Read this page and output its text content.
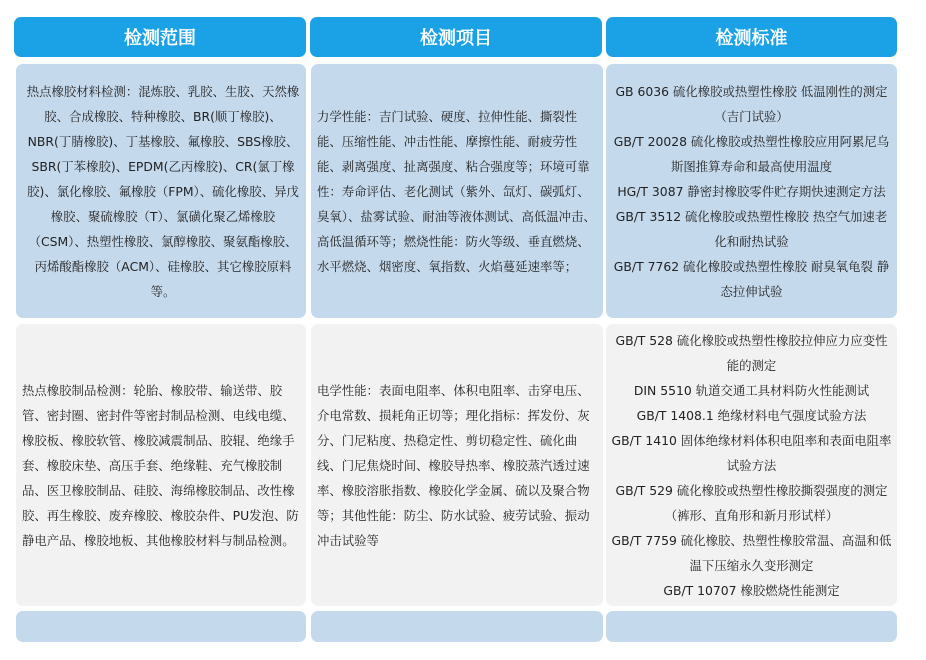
检测范围	检测项目	检测标准
热点橡胶材料检测：混炼胶、乳胶、生胶、天然橡胶、合成橡胶、特种橡胶、BR(顺丁橡胶)、NBR(丁腈橡胶)、丁基橡胶、氟橡胶、SBS橡胶、SBR(丁苯橡胶)、EPDM(乙丙橡胶)、CR(氯丁橡胶)、氯化橡胶、氟橡胶（FPM）、硫化橡胶、异戊橡胶、聚硫橡胶（T）、氯磺化聚乙烯橡胶（CSM）、热塑性橡胶、氯醇橡胶、聚氨酯橡胶、丙烯酸酯橡胶（ACM）、硅橡胶、其它橡胶原料等。
力学性能：吉门试验、硬度、拉伸性能、撕裂性能、压缩性能、冲击性能、摩擦性能、耐疲劳性能、剥离强度、扯离强度、粘合强度等；环境可靠性：寿命评估、老化测试（紫外、氙灯、碳弧灯、臭氧）、盐雾试验、耐油等液体测试、高低温冲击、高低温循环等；燃烧性能：防火等级、垂直燃烧、水平燃烧、烟密度、氧指数、火焰蔓延速率等；
GB 6036 硫化橡胶或热塑性橡胶 低温刚性的测定（吉门试验）
GB/T 20028 硫化橡胶或热塑性橡胶应用阿累尼乌斯图推算寿命和最高使用温度
HG/T 3087 静密封橡胶零件贮存期快速测定方法
GB/T 3512 硫化橡胶或热塑性橡胶 热空气加速老化和耐热试验
GB/T 7762 硫化橡胶或热塑性橡胶 耐臭氧龟裂 静态拉伸试验
热点橡胶制品检测：轮胎、橡胶带、输送带、胶管、密封圈、密封件等密封制品检测、电线电缆、橡胶板、橡胶软管、橡胶减震制品、胶辊、绝缘手套、橡胶床垫、高压手套、绝缘鞋、充气橡胶制品、医卫橡胶制品、硅胶、海绵橡胶制品、改性橡胶、再生橡胶、废弃橡胶、橡胶杂件、PU发泡、防静电产品、橡胶地板、其他橡胶材料与制品检测。
电学性能：表面电阻率、体积电阻率、击穿电压、介电常数、损耗角正切等；理化指标：挥发份、灰分、门尼粘度、热稳定性、剪切稳定性、硫化曲线、门尼焦烧时间、橡胶导热率、橡胶蒸汽透过速率、橡胶溶胀指数、橡胶化学金属、硫以及聚合物等；其他性能：防尘、防水试验、疲劳试验、振动冲击试验等
GB/T 528 硫化橡胶或热塑性橡胶拉伸应力应变性能的测定
DIN 5510 轨道交通工具材料防火性能测试
GB/T 1408.1 绝缘材料电气强度试验方法
GB/T 1410 固体绝缘材料体积电阻率和表面电阻率试验方法
GB/T 529 硫化橡胶或热塑性橡胶撕裂强度的测定（裤形、直角形和新月形试样）
GB/T 7759 硫化橡胶、热塑性橡胶常温、高温和低温下压缩永久变形测定
GB/T 10707 橡胶燃烧性能测定
